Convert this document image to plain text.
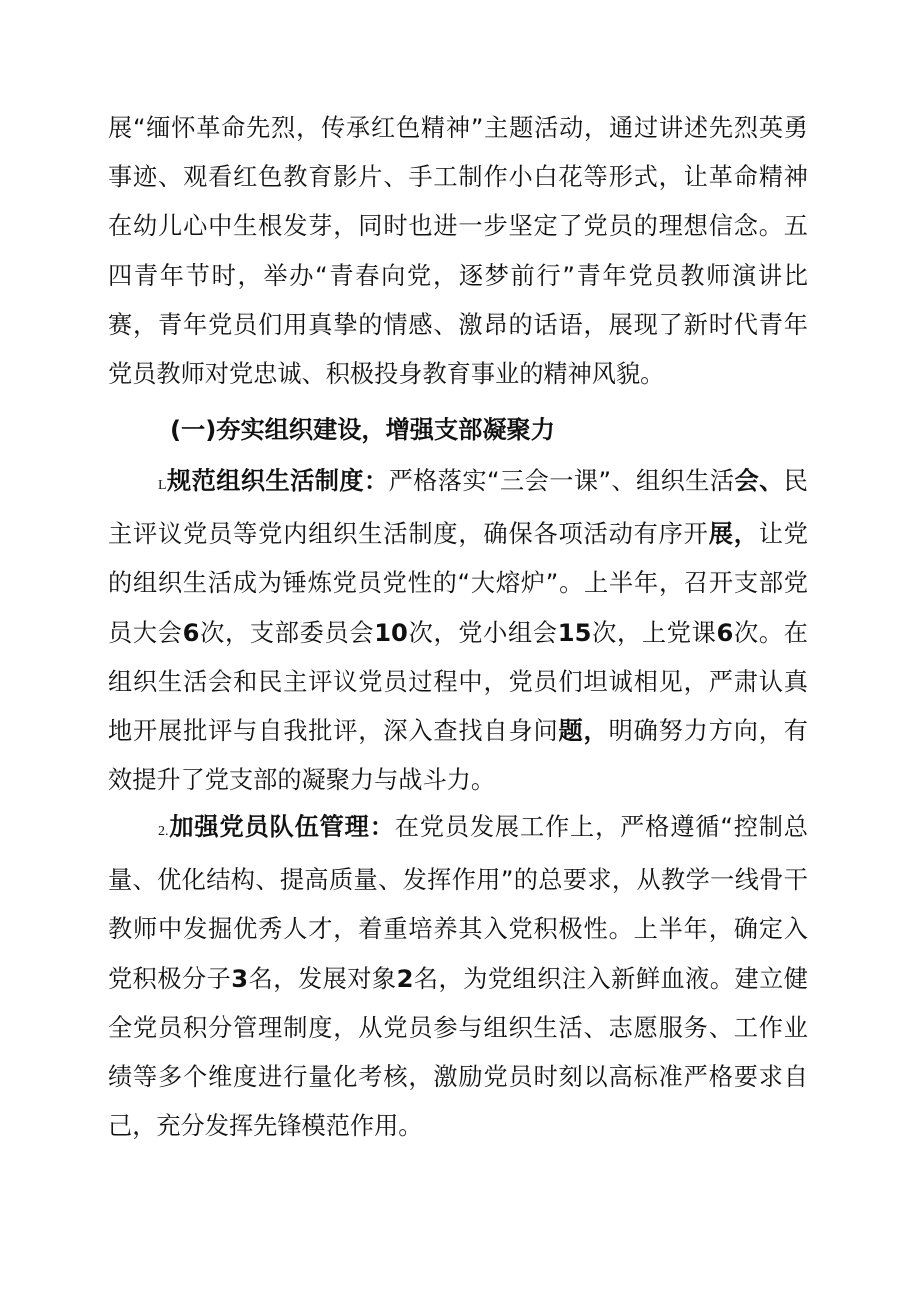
展“缅怀革命先烈，传承红色精神”主题活动，通过讲述先烈英勇事迹、观看红色教育影片、手工制作小白花等形式，让革命精神在幼儿心中生根发芽，同时也进一步坚定了党员的理想信念。五四青年节时，举办“青春向党，逐梦前行”青年党员教师演讲比赛，青年党员们用真挚的情感、激昂的话语，展现了新时代青年党员教师对党忠诚、积极投身教育事业的精神风貌。

(一)夯实组织建设，增强支部凝聚力

L规范组织生活制度：严格落实“三会一课”、组织生活会、民主评议党员等党内组织生活制度，确保各项活动有序开展，让党的组织生活成为锤炼党员党性的“大熔炉”。上半年，召开支部党员大会6次，支部委员会10次，党小组会15次，上党课6次。在组织生活会和民主评议党员过程中，党员们坦诚相见，严肃认真地开展批评与自我批评，深入查找自身问题，明确努力方向，有效提升了党支部的凝聚力与战斗力。

2.加强党员队伍管理：在党员发展工作上，严格遵循“控制总量、优化结构、提高质量、发挥作用”的总要求，从教学一线骨干教师中发掘优秀人才，着重培养其入党积极性。上半年，确定入党积极分子3名，发展对象2名，为党组织注入新鲜血液。建立健全党员积分管理制度，从党员参与组织生活、志愿服务、工作业绩等多个维度进行量化考核，激励党员时刻以高标准严格要求自己，充分发挥先锋模范作用。
